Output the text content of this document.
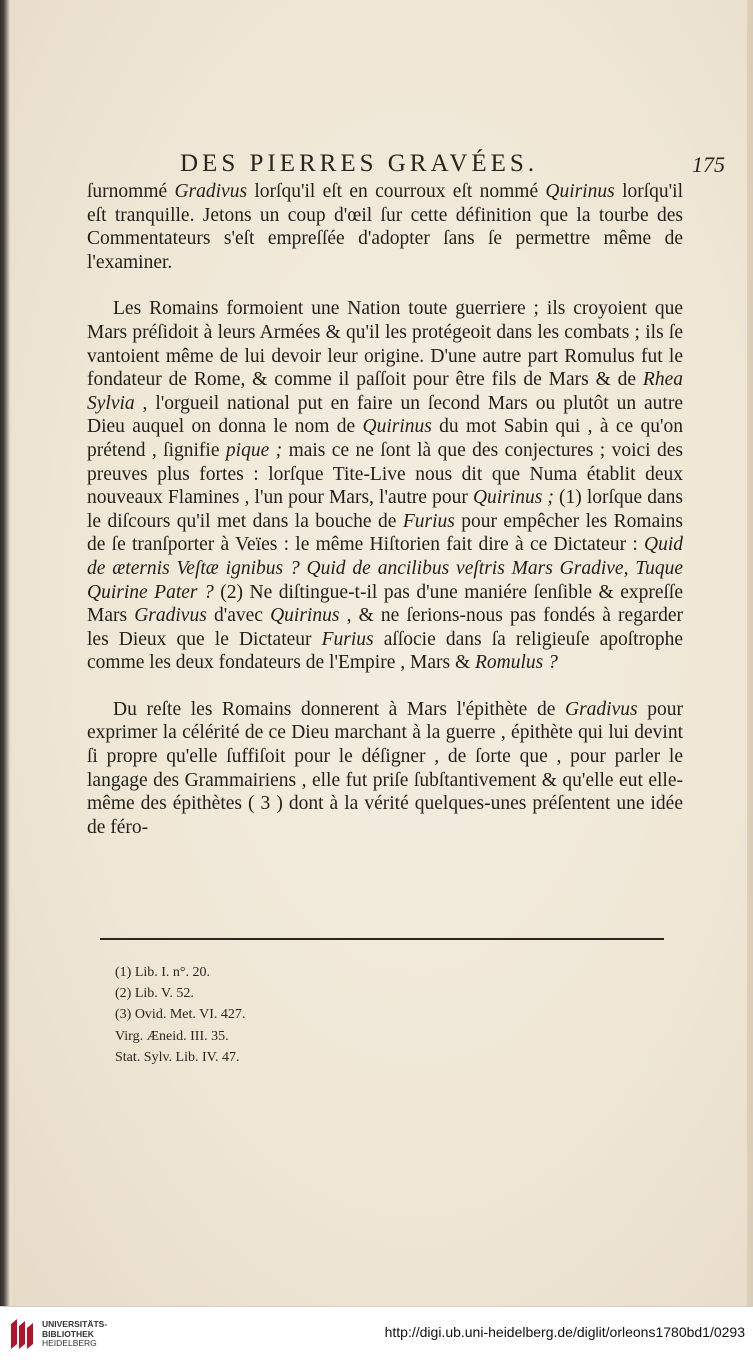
DES PIERRES GRAVÉES.	175

ſurnommé Gradivus lorſqu'il eſt en courroux eſt nommé Quirinus lorſqu'il eſt tranquille. Jetons un coup d'œil ſur cette définition que la tourbe des Commentateurs s'eſt empreſſée d'adopter ſans ſe permettre même de l'examiner.

Les Romains formoient une Nation toute guerriere ; ils croyoient que Mars préſidoit à leurs Armées & qu'il les protégeoit dans les combats ; ils ſe vantoient même de lui devoir leur origine. D'une autre part Romulus fut le fondateur de Rome, & comme il paſſoit pour être fils de Mars & de Rhea Sylvia , l'orgueil national put en faire un ſecond Mars ou plutôt un autre Dieu auquel on donna le nom de Quirinus du mot Sabin qui , à ce qu'on prétend , ſignifie pique ; mais ce ne ſont là que des conjectures ; voici des preuves plus fortes : lorſque Tite-Live nous dit que Numa établit deux nouveaux Flamines , l'un pour Mars, l'autre pour Quirinus ; (1) lorſque dans le diſcours qu'il met dans la bouche de Furius pour empêcher les Romains de ſe tranſporter à Veïes : le même Hiſtorien fait dire à ce Dictateur : Quid de æternis Veſtæ ignibus ? Quid de ancilibus veſtris Mars Gradive, Tuque Quirine Pater ? (2) Ne diſtingue-t-il pas d'une maniére ſenſible & expreſſe Mars Gradivus d'avec Quirinus , & ne ſerions-nous pas fondés à regarder les Dieux que le Dictateur Furius aſſocie dans ſa religieuſe apoſtrophe comme les deux fondateurs de l'Empire , Mars & Romulus ?

Du reſte les Romains donnerent à Mars l'épithète de Gradivus pour exprimer la célérité de ce Dieu marchant à la guerre , épithète qui lui devint ſi propre qu'elle ſuffiſoit pour le déſigner , de ſorte que , pour parler le langage des Grammairiens , elle fut priſe ſubſtantivement & qu'elle eut elle-même des épithètes ( 3 ) dont à la vérité quelques-unes préſentent une idée de féro-

(1) Lib. I. n°. 20.
(2) Lib. V. 52.
(3) Ovid. Met. VI. 427.
Virg. Æneid. III. 35.
Stat. Sylv. Lib. IV. 47.
UNIVERSITÄTS-
BIBLIOTHEK
HEIDELBERG
http://digi.ub.uni-heidelberg.de/diglit/orleons1780bd1/0293
